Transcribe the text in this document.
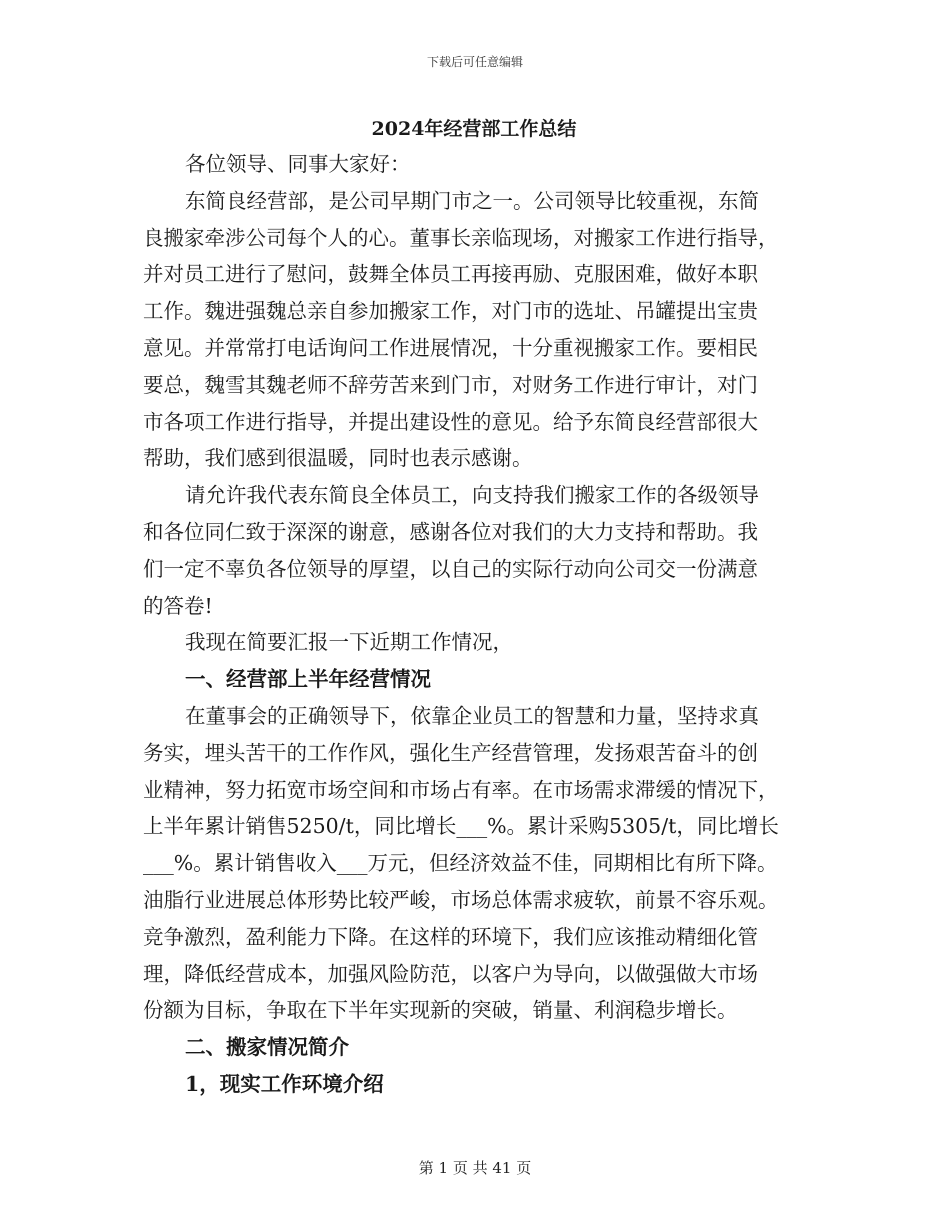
下载后可任意编辑
2024年经营部工作总结

各位领导、同事大家好：

东简良经营部，是公司早期门市之一。公司领导比较重视，东简

良搬家牵涉公司每个人的心。董事长亲临现场，对搬家工作进行指导，

并对员工进行了慰问，鼓舞全体员工再接再励、克服困难，做好本职

工作。魏进强魏总亲自参加搬家工作，对门市的选址、吊罐提出宝贵

意见。并常常打电话询问工作进展情况，十分重视搬家工作。要相民

要总，魏雪其魏老师不辞劳苦来到门市，对财务工作进行审计，对门

市各项工作进行指导，并提出建设性的意见。给予东简良经营部很大

帮助，我们感到很温暖，同时也表示感谢。

请允许我代表东简良全体员工，向支持我们搬家工作的各级领导

和各位同仁致于深深的谢意，感谢各位对我们的大力支持和帮助。我

们一定不辜负各位领导的厚望，以自己的实际行动向公司交一份满意

的答卷!

我现在简要汇报一下近期工作情况，

一、经营部上半年经营情况

在董事会的正确领导下，依靠企业员工的智慧和力量，坚持求真

务实，埋头苦干的工作作风，强化生产经营管理，发扬艰苦奋斗的创

业精神，努力拓宽市场空间和市场占有率。在市场需求滞缓的情况下，

上半年累计销售5250/t，同比增长___%。累计采购5305/t，同比增长

___%。累计销售收入___万元，但经济效益不佳，同期相比有所下降。

油脂行业进展总体形势比较严峻，市场总体需求疲软，前景不容乐观。

竞争激烈，盈利能力下降。在这样的环境下，我们应该推动精细化管

理，降低经营成本，加强风险防范，以客户为导向，以做强做大市场

份额为目标，争取在下半年实现新的突破，销量、利润稳步增长。

二、搬家情况简介

1，现实工作环境介绍

第 1 页 共 41 页
